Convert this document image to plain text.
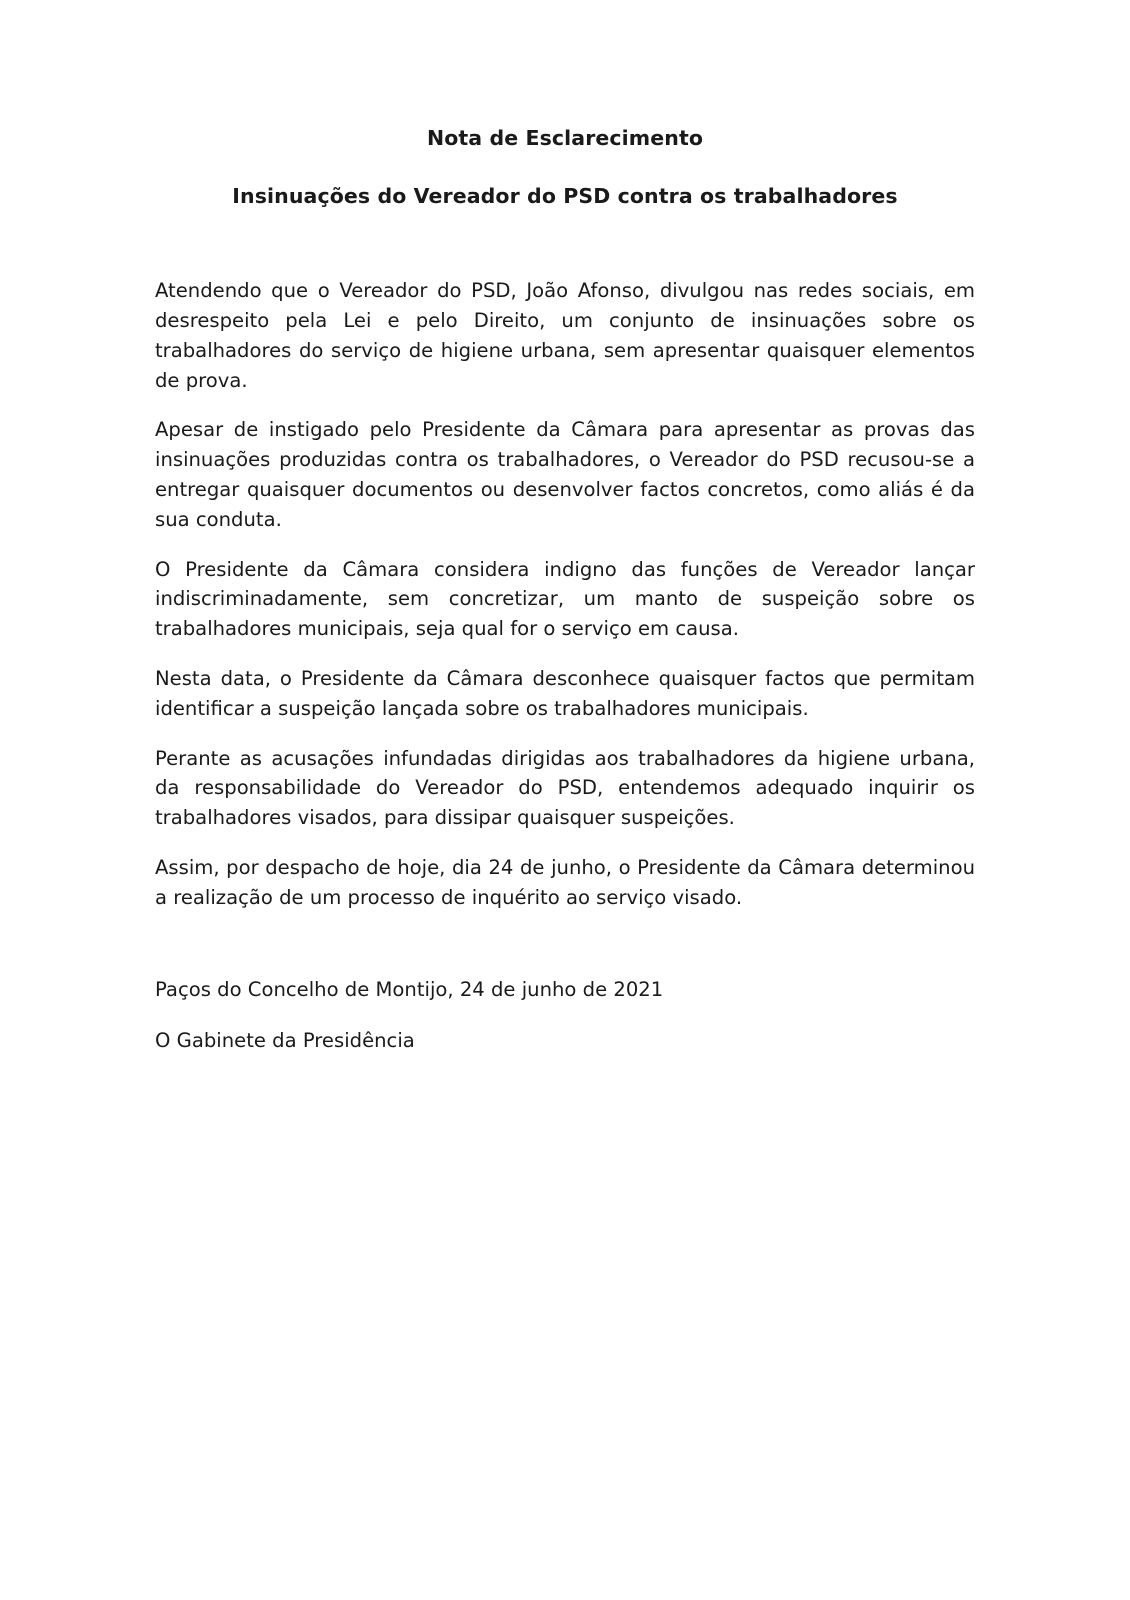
Nota de Esclarecimento
Insinuações do Vereador do PSD contra os trabalhadores

Atendendo que o Vereador do PSD, João Afonso, divulgou nas redes sociais, em desrespeito pela Lei e pelo Direito, um conjunto de insinuações sobre os trabalhadores do serviço de higiene urbana, sem apresentar quaisquer elementos de prova.

Apesar de instigado pelo Presidente da Câmara para apresentar as provas das insinuações produzidas contra os trabalhadores, o Vereador do PSD recusou-se a entregar quaisquer documentos ou desenvolver factos concretos, como aliás é da sua conduta.

O Presidente da Câmara considera indigno das funções de Vereador lançar indiscriminadamente, sem concretizar, um manto de suspeição sobre os trabalhadores municipais, seja qual for o serviço em causa.

Nesta data, o Presidente da Câmara desconhece quaisquer factos que permitam identificar a suspeição lançada sobre os trabalhadores municipais.

Perante as acusações infundadas dirigidas aos trabalhadores da higiene urbana, da responsabilidade do Vereador do PSD, entendemos adequado inquirir os trabalhadores visados, para dissipar quaisquer suspeições.

Assim, por despacho de hoje, dia 24 de junho, o Presidente da Câmara determinou a realização de um processo de inquérito ao serviço visado.

Paços do Concelho de Montijo, 24 de junho de 2021

O Gabinete da Presidência
